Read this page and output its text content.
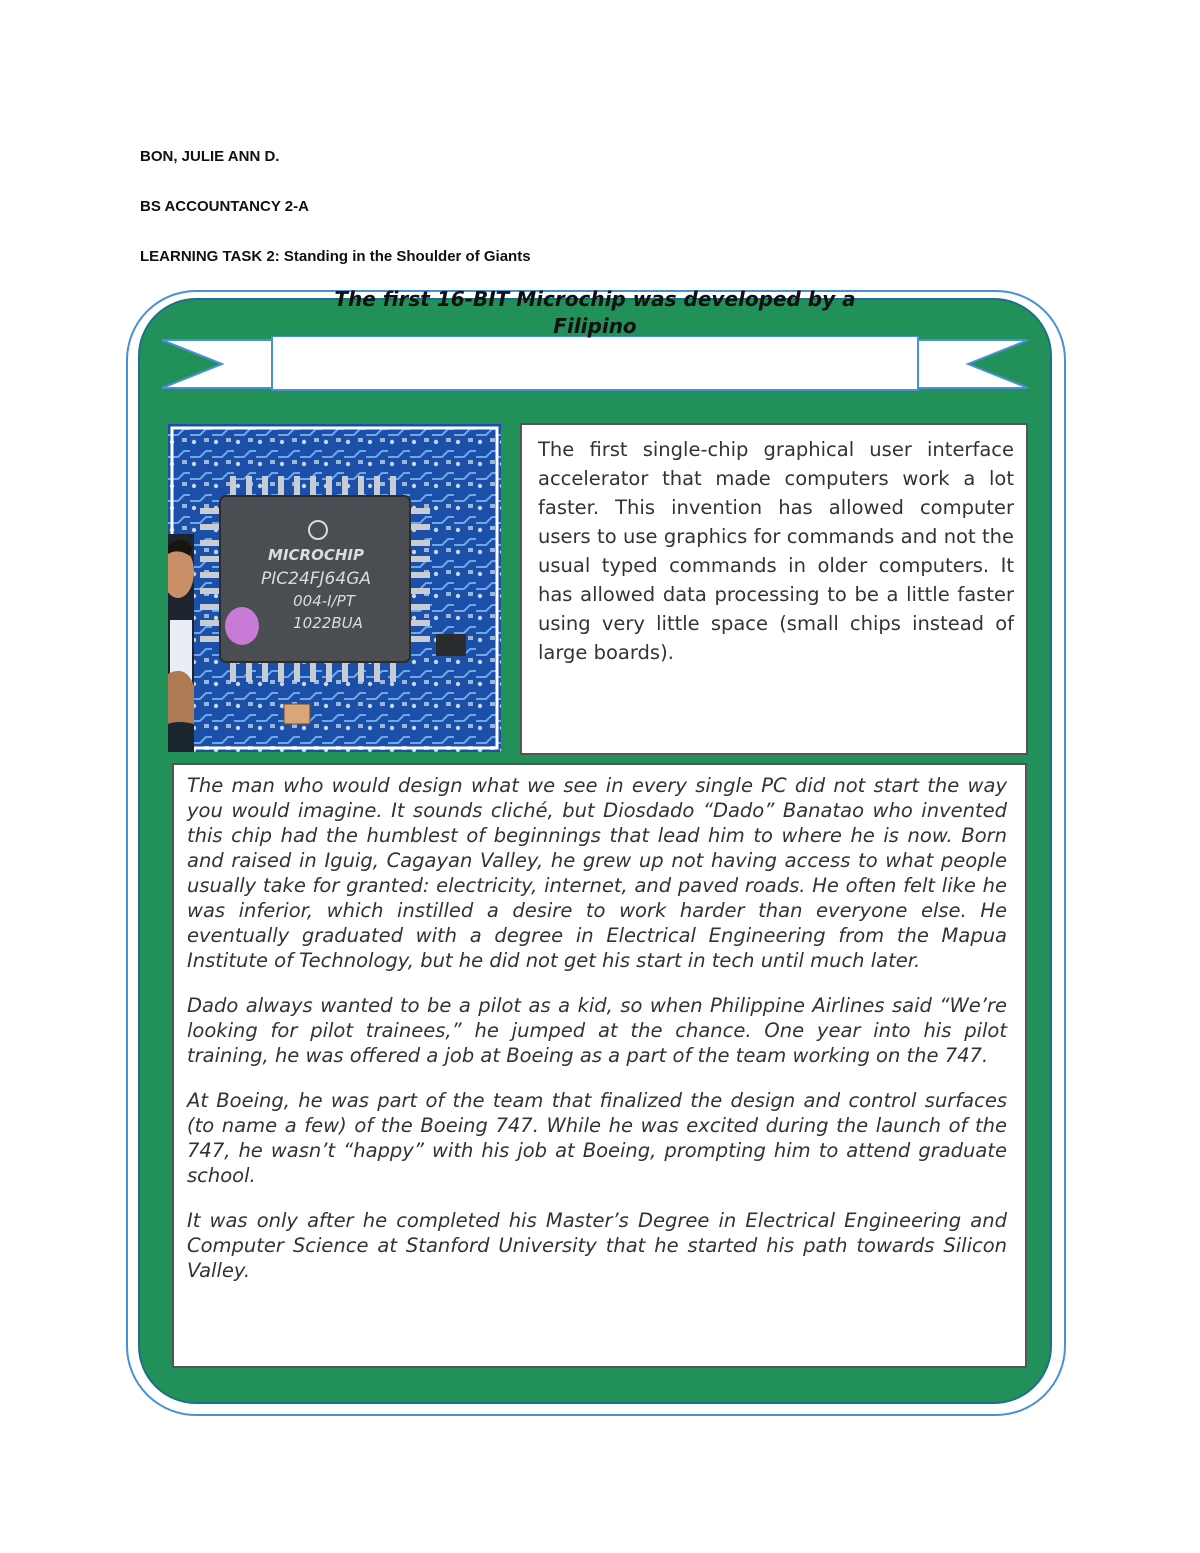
BON, JULIE ANN D.
BS ACCOUNTANCY 2-A
LEARNING TASK 2: Standing in the Shoulder of Giants
The first 16-BIT Microchip was developed by a
Filipino
MICROCHIP
PIC24FJ64GA
004-I/PT
1022BUA
The first single-chip graphical user interface accelerator that made computers work a lot faster. This invention has allowed computer users to use graphics for commands and not the usual typed commands in older computers. It has allowed data processing to be a little faster using very little space (small chips instead of large boards).

The man who would design what we see in every single PC did not start the way you would imagine. It sounds cliché, but Diosdado “Dado” Banatao who invented this chip had the humblest of beginnings that lead him to where he is now. Born and raised in Iguig, Cagayan Valley, he grew up not having access to what people usually take for granted: electricity, internet, and paved roads. He often felt like he was inferior, which instilled a desire to work harder than everyone else. He eventually graduated with a degree in Electrical Engineering from the Mapua Institute of Technology, but he did not get his start in tech until much later.

Dado always wanted to be a pilot as a kid, so when Philippine Airlines said “We’re looking for pilot trainees,” he jumped at the chance. One year into his pilot training, he was offered a job at Boeing as a part of the team working on the 747.

At Boeing, he was part of the team that finalized the design and control surfaces (to name a few) of the Boeing 747. While he was excited during the launch of the 747, he wasn’t “happy” with his job at Boeing, prompting him to attend graduate school.

It was only after he completed his Master’s Degree in Electrical Engineering and Computer Science at Stanford University that he started his path towards Silicon Valley.
